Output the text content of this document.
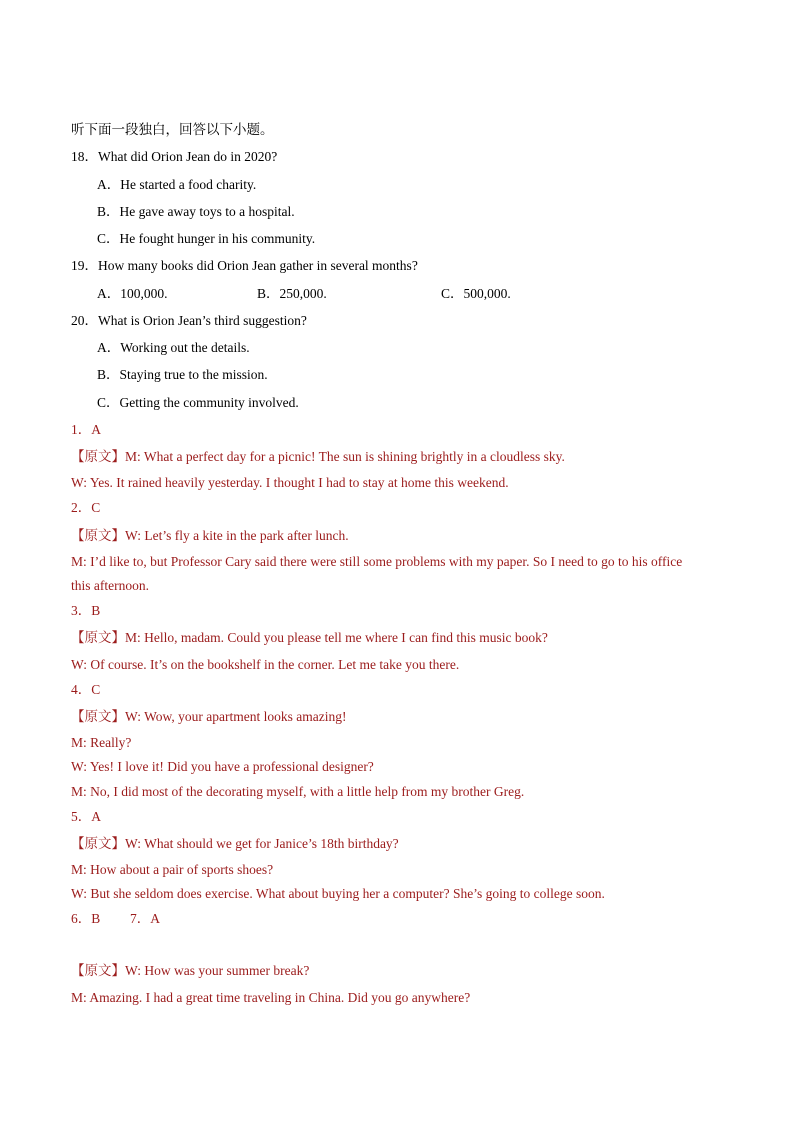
听下面一段独白，回答以下小题。
18．What did Orion Jean do in 2020?
A．He started a food charity.
B．He gave away toys to a hospital.
C．He fought hunger in his community.
19．How many books did Orion Jean gather in several months?
A．100,000.	B．250,000.	C．500,000.
20．What is Orion Jean’s third suggestion?
A．Working out the details.
B．Staying true to the mission.
C．Getting the community involved.
1．A
【原文】M: What a perfect day for a picnic! The sun is shining brightly in a cloudless sky.
W: Yes. It rained heavily yesterday. I thought I had to stay at home this weekend.
2．C
【原文】W: Let’s fly a kite in the park after lunch.
M: I’d like to, but Professor Cary said there were still some problems with my paper. So I need to go to his office
this afternoon.
3．B
【原文】M: Hello, madam. Could you please tell me where I can find this music book?
W: Of course. It’s on the bookshelf in the corner. Let me take you there.
4．C
【原文】W: Wow, your apartment looks amazing!
M: Really?
W: Yes! I love it! Did you have a professional designer?
M: No, I did most of the decorating myself, with a little help from my brother Greg.
5．A
【原文】W: What should we get for Janice’s 18th birthday?
M: How about a pair of sports shoes?
W: But she seldom does exercise. What about buying her a computer? She’s going to college soon.
6．B 7．A
【原文】W: How was your summer break?
M: Amazing. I had a great time traveling in China. Did you go anywhere?
